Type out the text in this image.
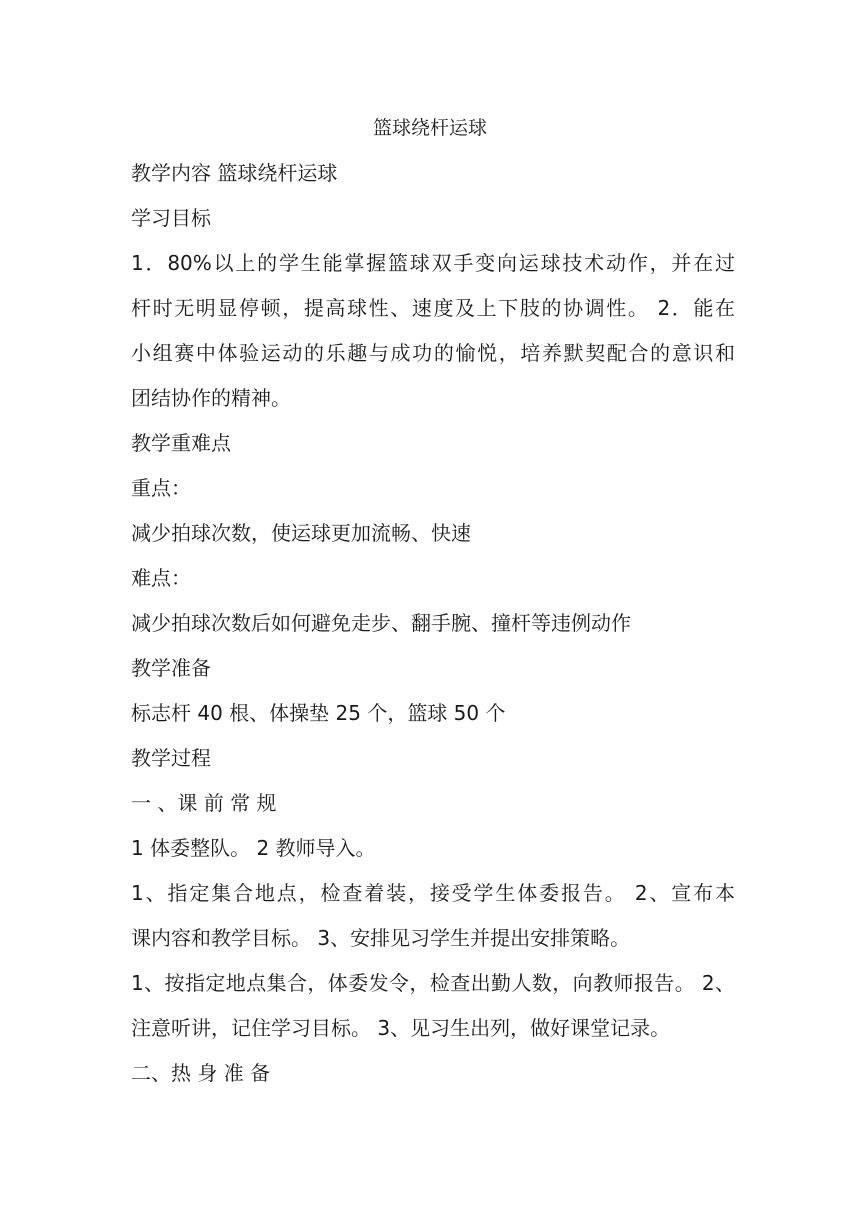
篮球绕杆运球
教学内容 篮球绕杆运球
学习目标
1．80%以上的学生能掌握篮球双手变向运球技术动作，并在过
杆时无明显停顿，提高球性、速度及上下肢的协调性。 2．能在
小组赛中体验运动的乐趣与成功的愉悦，培养默契配合的意识和
团结协作的精神。
教学重难点
重点：
减少拍球次数，使运球更加流畅、快速
难点：
减少拍球次数后如何避免走步、翻手腕、撞杆等违例动作
教学准备
标志杆 40 根、体操垫 25 个，篮球 50 个
教学过程
一 、课 前 常 规
1 体委整队。 2 教师导入。
1、指定集合地点，检查着装，接受学生体委报告。 2、宣布本
课内容和教学目标。 3、安排见习学生并提出安排策略。
1、按指定地点集合，体委发令，检查出勤人数，向教师报告。 2、
注意听讲，记住学习目标。 3、见习生出列，做好课堂记录。
二、热 身 准 备
